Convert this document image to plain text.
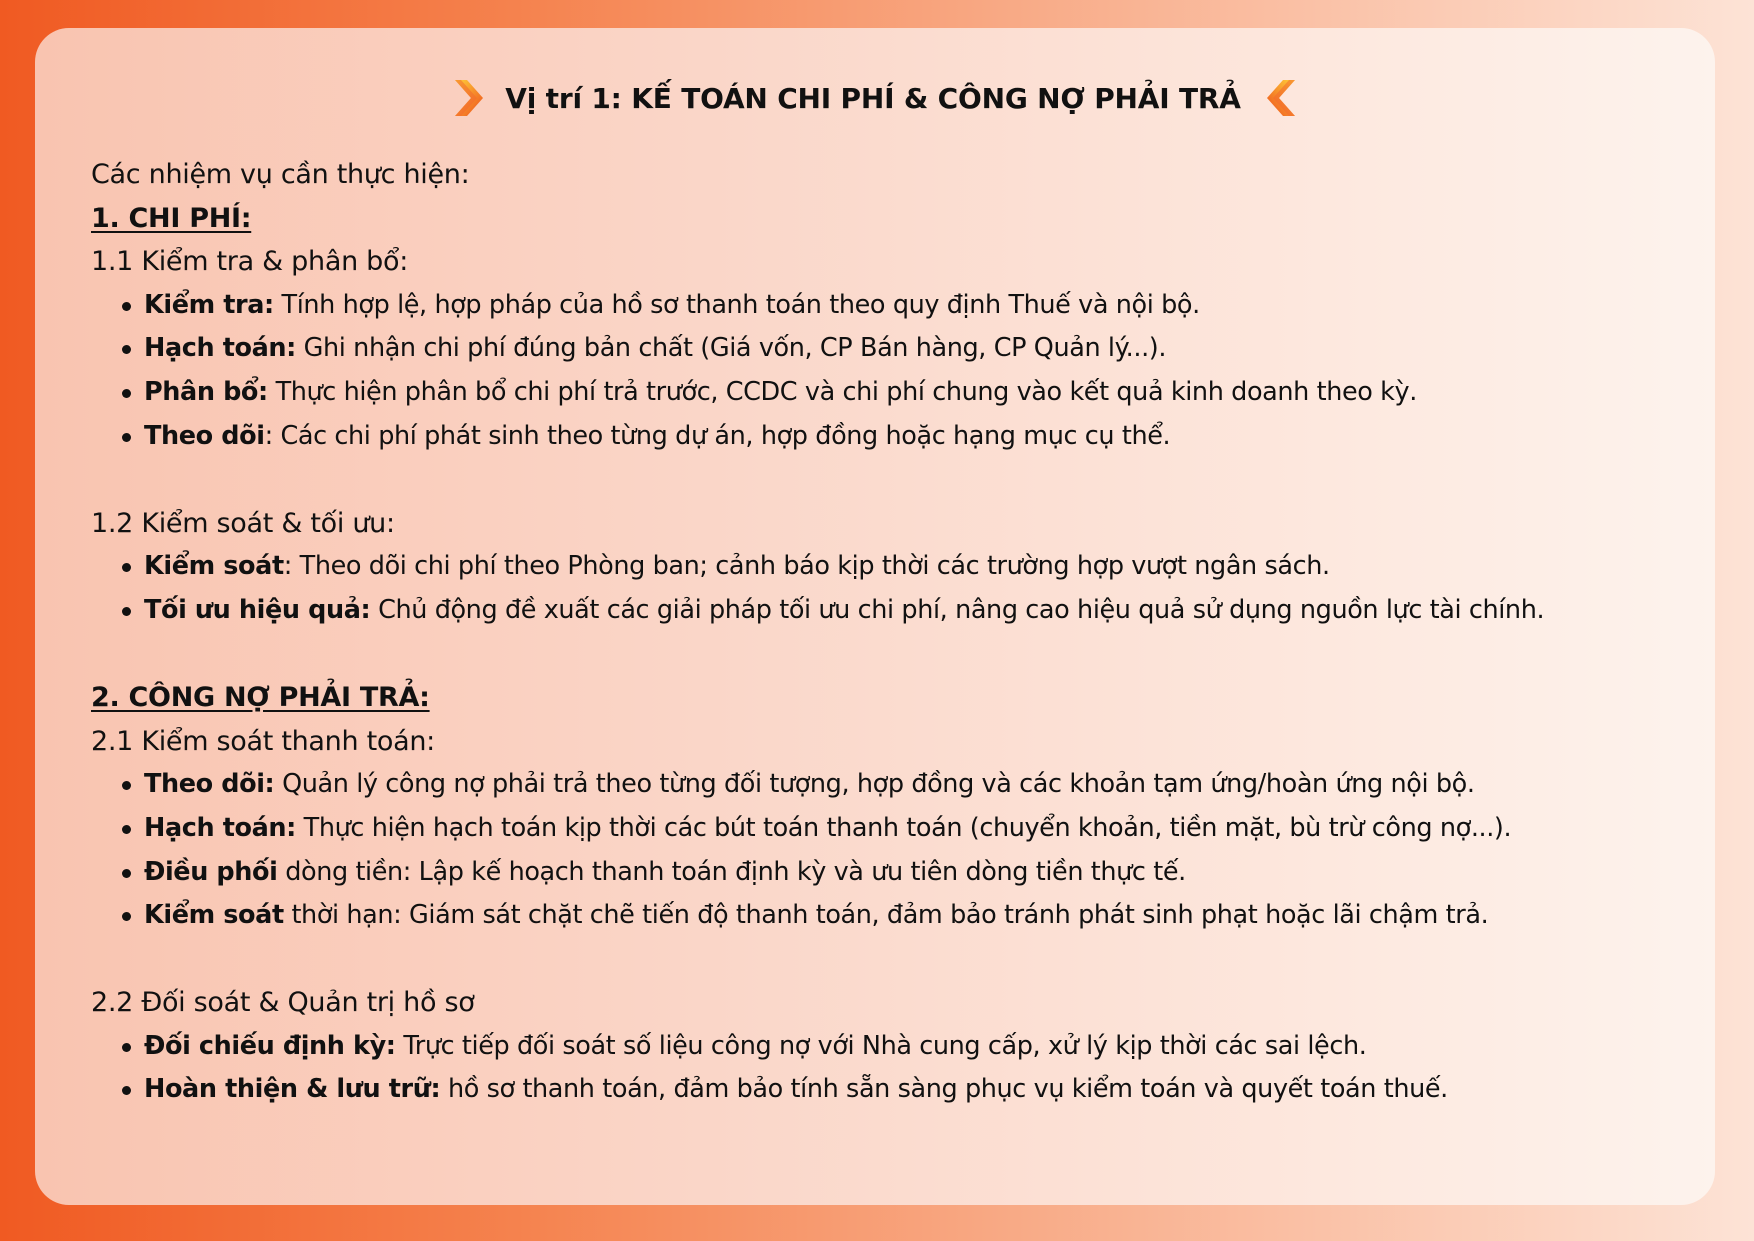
Vị trí 1: KẾ TOÁN CHI PHÍ & CÔNG NỢ PHẢI TRẢ
Các nhiệm vụ cần thực hiện:
1. CHI PHÍ:
1.1 Kiểm tra & phân bổ:
Kiểm tra: Tính hợp lệ, hợp pháp của hồ sơ thanh toán theo quy định Thuế và nội bộ.
Hạch toán: Ghi nhận chi phí đúng bản chất (Giá vốn, CP Bán hàng, CP Quản lý...).
Phân bổ: Thực hiện phân bổ chi phí trả trước, CCDC và chi phí chung vào kết quả kinh doanh theo kỳ.
Theo dõi: Các chi phí phát sinh theo từng dự án, hợp đồng hoặc hạng mục cụ thể.
1.2 Kiểm soát & tối ưu:
Kiểm soát: Theo dõi chi phí theo Phòng ban; cảnh báo kịp thời các trường hợp vượt ngân sách.
Tối ưu hiệu quả: Chủ động đề xuất các giải pháp tối ưu chi phí, nâng cao hiệu quả sử dụng nguồn lực tài chính.
2. CÔNG NỢ PHẢI TRẢ:
2.1 Kiểm soát thanh toán:
Theo dõi: Quản lý công nợ phải trả theo từng đối tượng, hợp đồng và các khoản tạm ứng/hoàn ứng nội bộ.
Hạch toán: Thực hiện hạch toán kịp thời các bút toán thanh toán (chuyển khoản, tiền mặt, bù trừ công nợ...).
Điều phối dòng tiền: Lập kế hoạch thanh toán định kỳ và ưu tiên dòng tiền thực tế.
Kiểm soát thời hạn: Giám sát chặt chẽ tiến độ thanh toán, đảm bảo tránh phát sinh phạt hoặc lãi chậm trả.
2.2 Đối soát & Quản trị hồ sơ
Đối chiếu định kỳ: Trực tiếp đối soát số liệu công nợ với Nhà cung cấp, xử lý kịp thời các sai lệch.
Hoàn thiện & lưu trữ: hồ sơ thanh toán, đảm bảo tính sẵn sàng phục vụ kiểm toán và quyết toán thuế.
